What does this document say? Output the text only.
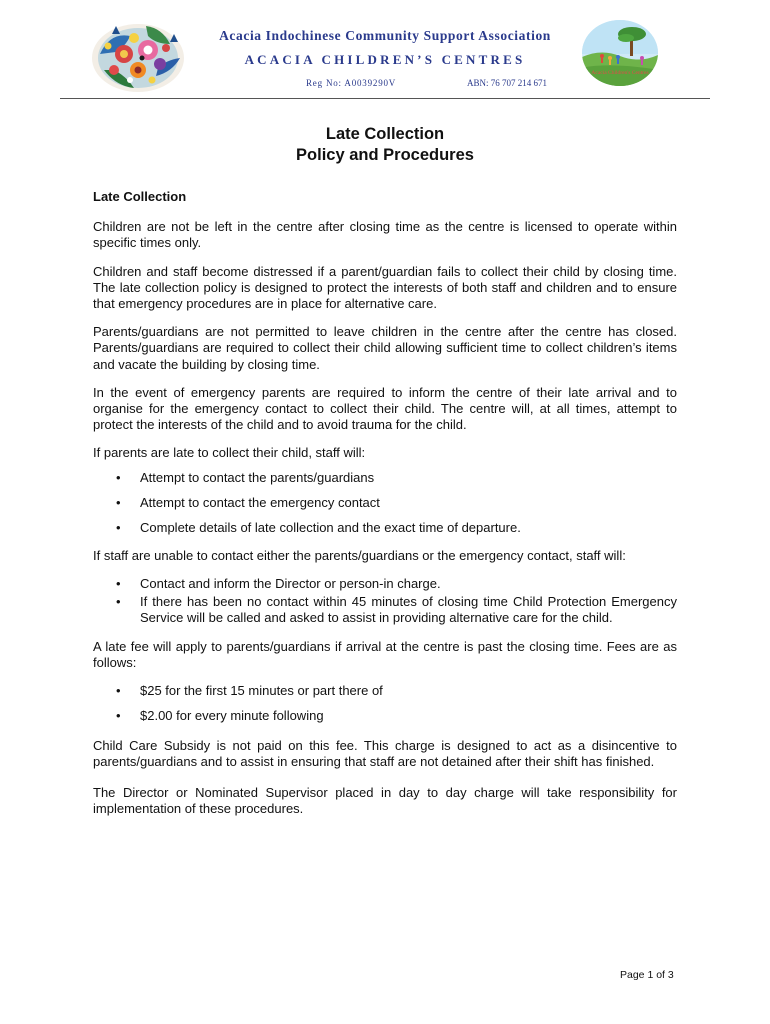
Acacia Indochinese Community Support Association
ACACIA CHILDREN’S CENTRES
Reg No: A0039290V	ABN: 76 707 214 671
Acacia Children's Centres
Late Collection
Policy and Procedures
Late Collection

Children are not be left in the centre after closing time as the centre is licensed to operate within specific times only.

Children and staff become distressed if a parent/guardian fails to collect their child by closing time. The late collection policy is designed to protect the interests of both staff and children and to ensure that emergency procedures are in place for alternative care.

Parents/guardians are not permitted to leave children in the centre after the centre has closed. Parents/guardians are required to collect their child allowing sufficient time to collect children’s items and vacate the building by closing time.

In the event of emergency parents are required to inform the centre of their late arrival and to organise for the emergency contact to collect their child. The centre will, at all times, attempt to protect the interests of the child and to avoid trauma for the child.

If parents are late to collect their child, staff will:

• Attempt to contact the parents/guardians
• Attempt to contact the emergency contact
• Complete details of late collection and the exact time of departure.

If staff are unable to contact either the parents/guardians or the emergency contact, staff will:

• Contact and inform the Director or person-in charge.
• If there has been no contact within 45 minutes of closing time Child Protection Emergency Service will be called and asked to assist in providing alternative care for the child.

A late fee will apply to parents/guardians if arrival at the centre is past the closing time. Fees are as follows:

• $25 for the first 15 minutes or part there of
• $2.00 for every minute following

Child Care Subsidy is not paid on this fee. This charge is designed to act as a disincentive to parents/guardians and to assist in ensuring that staff are not detained after their shift has finished.

The Director or Nominated Supervisor placed in day to day charge will take responsibility for implementation of these procedures.

Page 1 of 3
